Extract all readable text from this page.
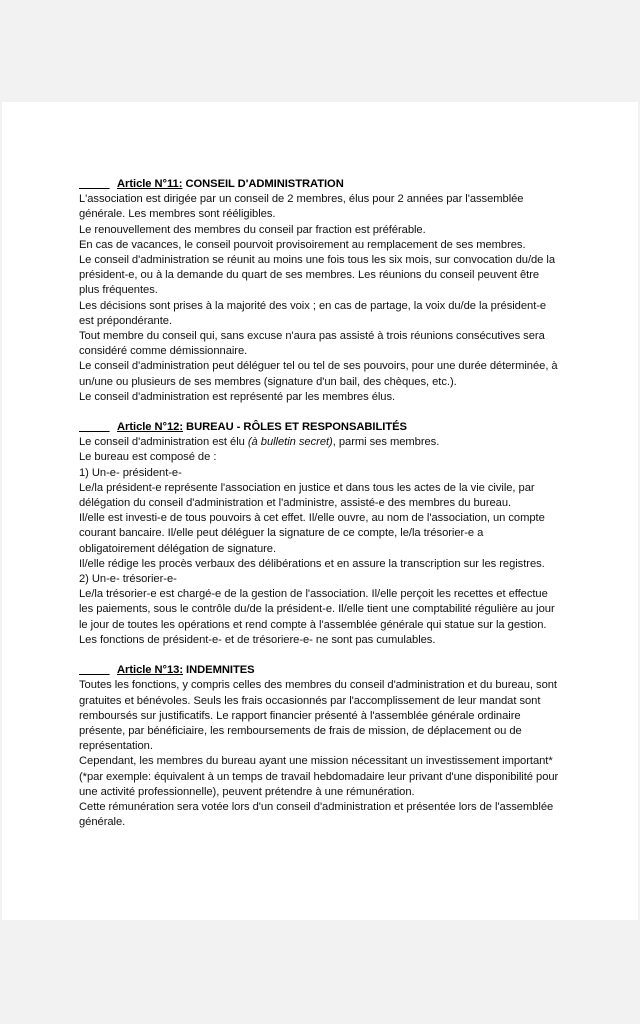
Article N°11: CONSEIL D'ADMINISTRATION

L'association est dirigée par un conseil de 2 membres, élus pour 2 années par l'assemblée générale. Les membres sont rééligibles.

Le renouvellement des membres du conseil par fraction est préférable.

En cas de vacances, le conseil pourvoit provisoirement au remplacement de ses membres.

Le conseil d'administration se réunit au moins une fois tous les six mois, sur convocation du/de la président-e, ou à la demande du quart de ses membres. Les réunions du conseil peuvent être plus fréquentes.

Les décisions sont prises à la majorité des voix ; en cas de partage, la voix du/de la président-e est prépondérante.

Tout membre du conseil qui, sans excuse n'aura pas assisté à trois réunions consécutives sera considéré comme démissionnaire.

Le conseil d'administration peut déléguer tel ou tel de ses pouvoirs, pour une durée déterminée, à un/une ou plusieurs de ses membres (signature d'un bail, des chèques, etc.).

Le conseil d'administration est représenté par les membres élus.

Article N°12: BUREAU - RÔLES ET RESPONSABILITÉS

Le conseil d'administration est élu (à bulletin secret), parmi ses membres.

Le bureau est composé de :

1) Un-e- président-e-

Le/la président-e représente l'association en justice et dans tous les actes de la vie civile, par délégation du conseil d'administration et l'administre, assisté-e des membres du bureau.

Il/elle est investi-e de tous pouvoirs à cet effet. Il/elle ouvre, au nom de l'association, un compte courant bancaire. Il/elle peut déléguer la signature de ce compte, le/la trésorier-e a obligatoirement délégation de signature.

Il/elle rédige les procès verbaux des délibérations et en assure la transcription sur les registres.

2) Un-e- trésorier-e-

Le/la trésorier-e est chargé-e de la gestion de l'association. Il/elle perçoit les recettes et effectue les paiements, sous le contrôle du/de la président-e. Il/elle tient une comptabilité régulière au jour le jour de toutes les opérations et rend compte à l'assemblée générale qui statue sur la gestion.

Les fonctions de président-e- et de trésoriere-e- ne sont pas cumulables.

Article N°13: INDEMNITES

Toutes les fonctions, y compris celles des membres du conseil d'administration et du bureau, sont gratuites et bénévoles. Seuls les frais occasionnés par l'accomplissement de leur mandat sont remboursés sur justificatifs. Le rapport financier présenté à l'assemblée générale ordinaire présente, par bénéficiaire, les remboursements de frais de mission, de déplacement ou de représentation.

Cependant, les membres du bureau ayant une mission nécessitant un investissement important* (*par exemple: équivalent à un temps de travail hebdomadaire leur privant d'une disponibilité pour une activité professionnelle), peuvent prétendre à une rémunération.

Cette rémunération sera votée lors d'un conseil d'administration et présentée lors de l'assemblée générale.
